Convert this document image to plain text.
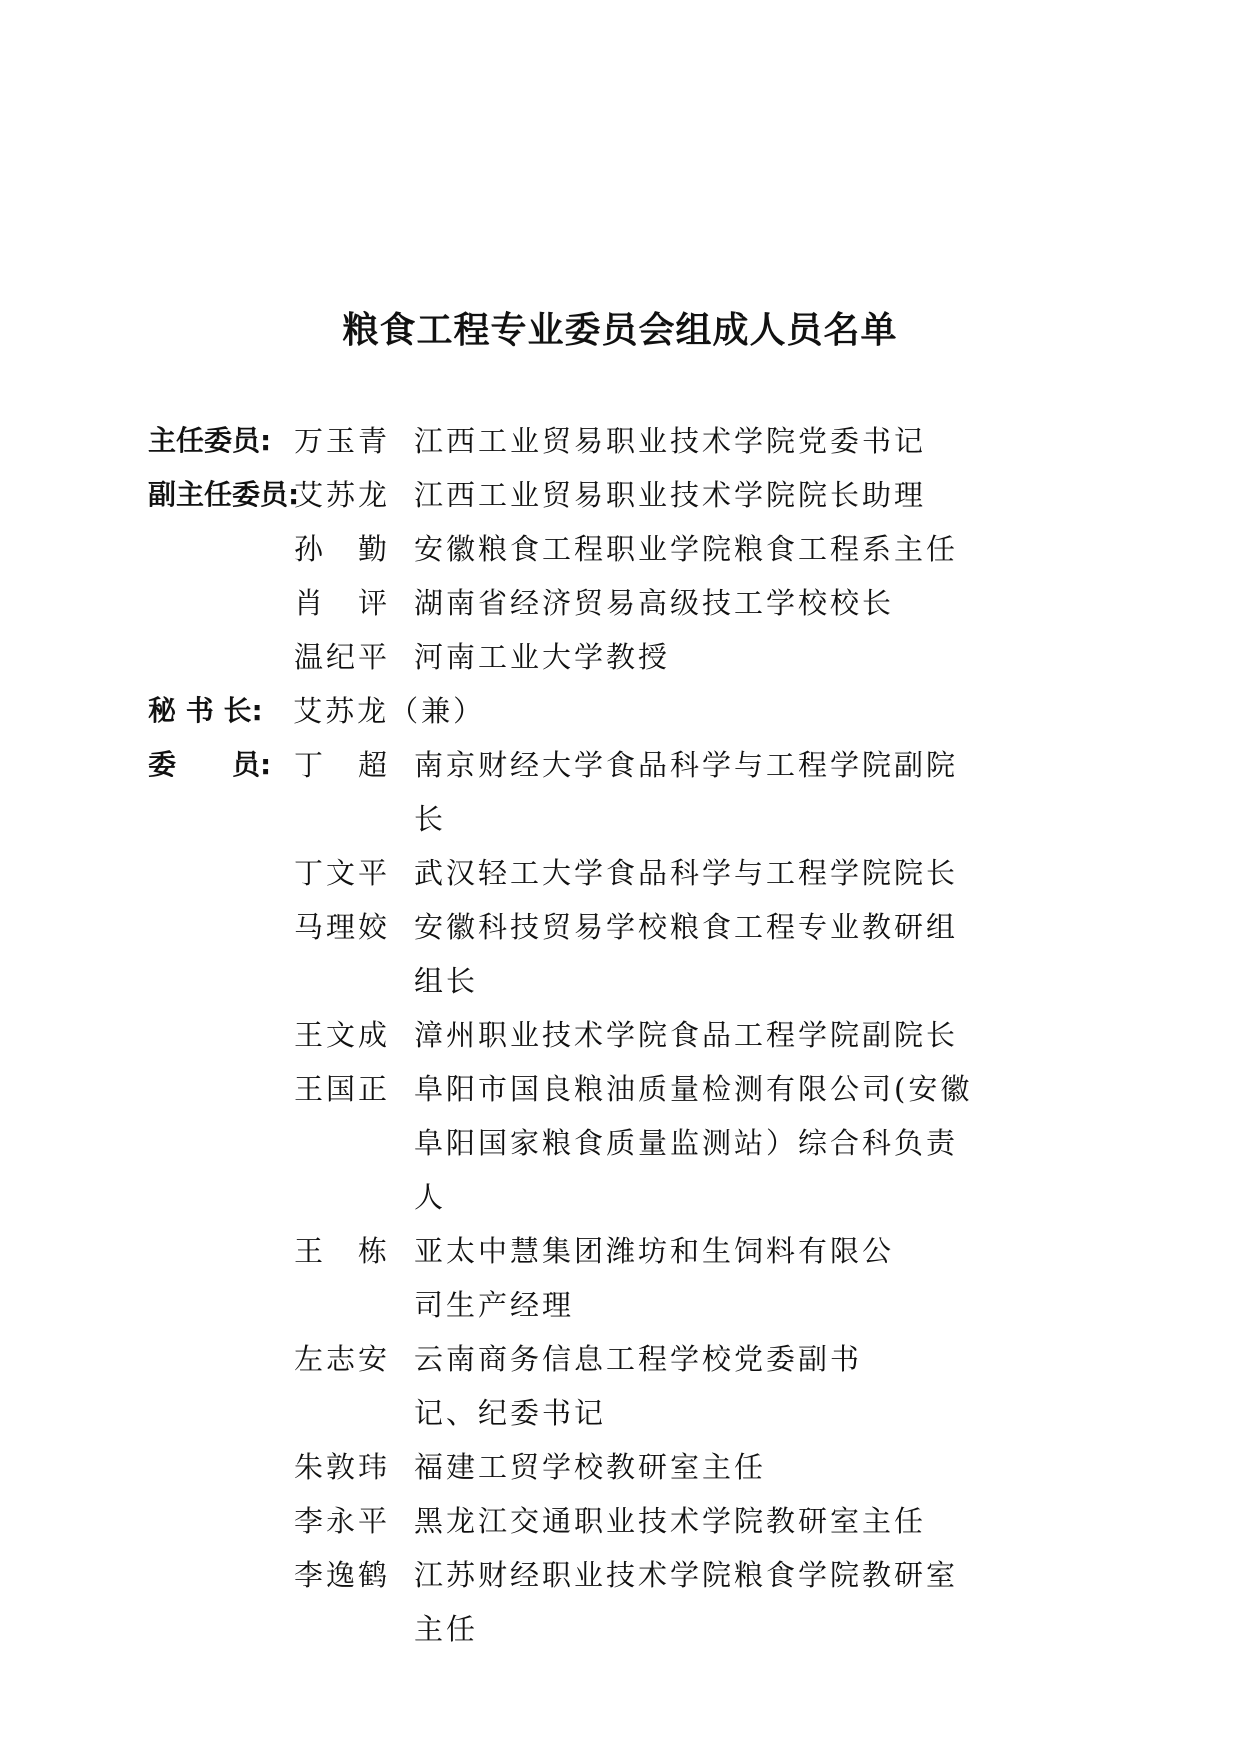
粮食工程专业委员会组成人员名单
主任委员: 万玉青 江西工业贸易职业技术学院党委书记
副主任委员:
艾苏龙 江西工业贸易职业技术学院院长助理
孙　勤 安徽粮食工程职业学院粮食工程系主任
肖　评 湖南省经济贸易高级技工学校校长
温纪平 河南工业大学教授
秘 书 长:	艾苏龙（兼）
委　　员: 丁　超 南京财经大学食品科学与工程学院副院长
丁文平 武汉轻工大学食品科学与工程学院院长
马理姣 安徽科技贸易学校粮食工程专业教研组组长
王文成 漳州职业技术学院食品工程学院副院长
王国正 阜阳市国良粮油质量检测有限公司(安徽阜阳国家粮食质量监测站）综合科负责人
王　栋 亚太中慧集团潍坊和生饲料有限公司生产经理
左志安 云南商务信息工程学校党委副书记、纪委书记
朱敦玮 福建工贸学校教研室主任
李永平 黑龙江交通职业技术学院教研室主任
李逸鹤 江苏财经职业技术学院粮食学院教研室主任
